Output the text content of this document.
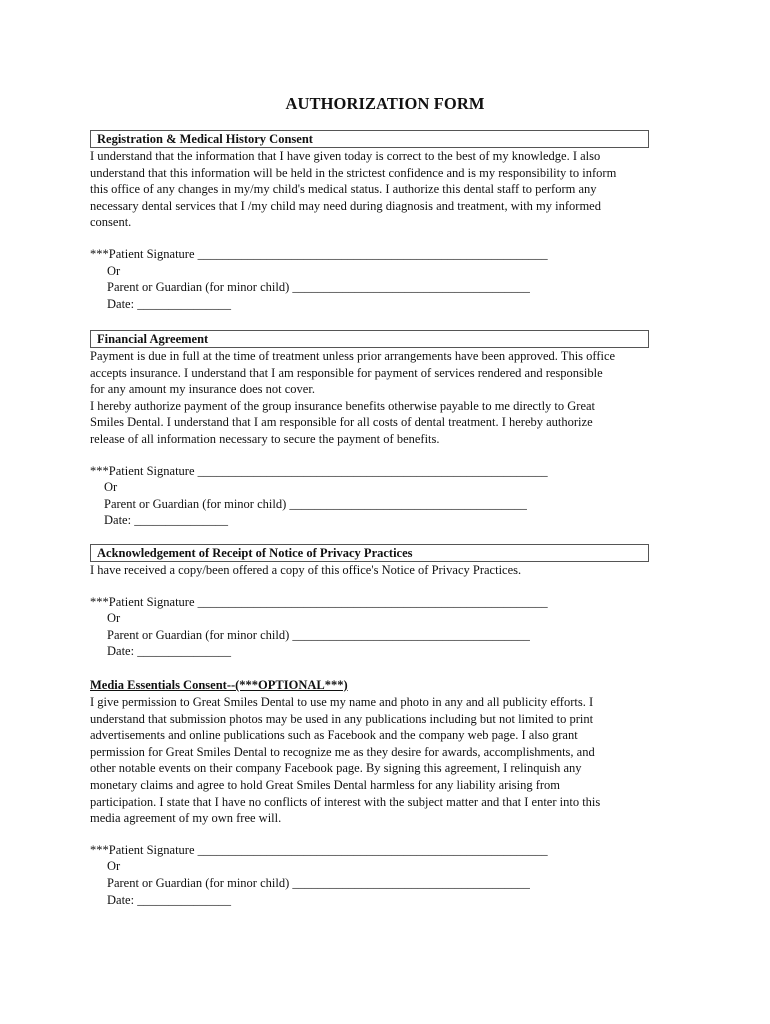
AUTHORIZATION FORM
Registration & Medical History Consent

I understand that the information that I have given today is correct to the best of my knowledge. I also
understand that this information will be held in the strictest confidence and is my responsibility to inform
this office of any changes in my/my child's medical status. I authorize this dental staff to perform any
necessary dental services that I /my child may need during diagnosis and treatment, with my informed
consent.

***Patient Signature ________________________________________________________
Or
Parent or Guardian (for minor child) ______________________________________
Date: _______________
Financial Agreement

Payment is due in full at the time of treatment unless prior arrangements have been approved. This office
accepts insurance. I understand that I am responsible for payment of services rendered and responsible
for any amount my insurance does not cover.
I hereby authorize payment of the group insurance benefits otherwise payable to me directly to Great
Smiles Dental. I understand that I am responsible for all costs of dental treatment. I hereby authorize
release of all information necessary to secure the payment of benefits.

***Patient Signature ________________________________________________________
Or
Parent or Guardian (for minor child) ______________________________________
Date: _______________
Acknowledgement of Receipt of Notice of Privacy Practices

I have received a copy/been offered a copy of this office's Notice of Privacy Practices.

***Patient Signature ________________________________________________________
Or
Parent or Guardian (for minor child) ______________________________________
Date: _______________
Media Essentials Consent--(***OPTIONAL***)

I give permission to Great Smiles Dental to use my name and photo in any and all publicity efforts. I
understand that submission photos may be used in any publications including but not limited to print
advertisements and online publications such as Facebook and the company web page. I also grant
permission for Great Smiles Dental to recognize me as they desire for awards, accomplishments, and
other notable events on their company Facebook page. By signing this agreement, I relinquish any
monetary claims and agree to hold Great Smiles Dental harmless for any liability arising from
participation. I state that I have no conflicts of interest with the subject matter and that I enter into this
media agreement of my own free will.

***Patient Signature ________________________________________________________
Or
Parent or Guardian (for minor child) ______________________________________
Date: _______________
